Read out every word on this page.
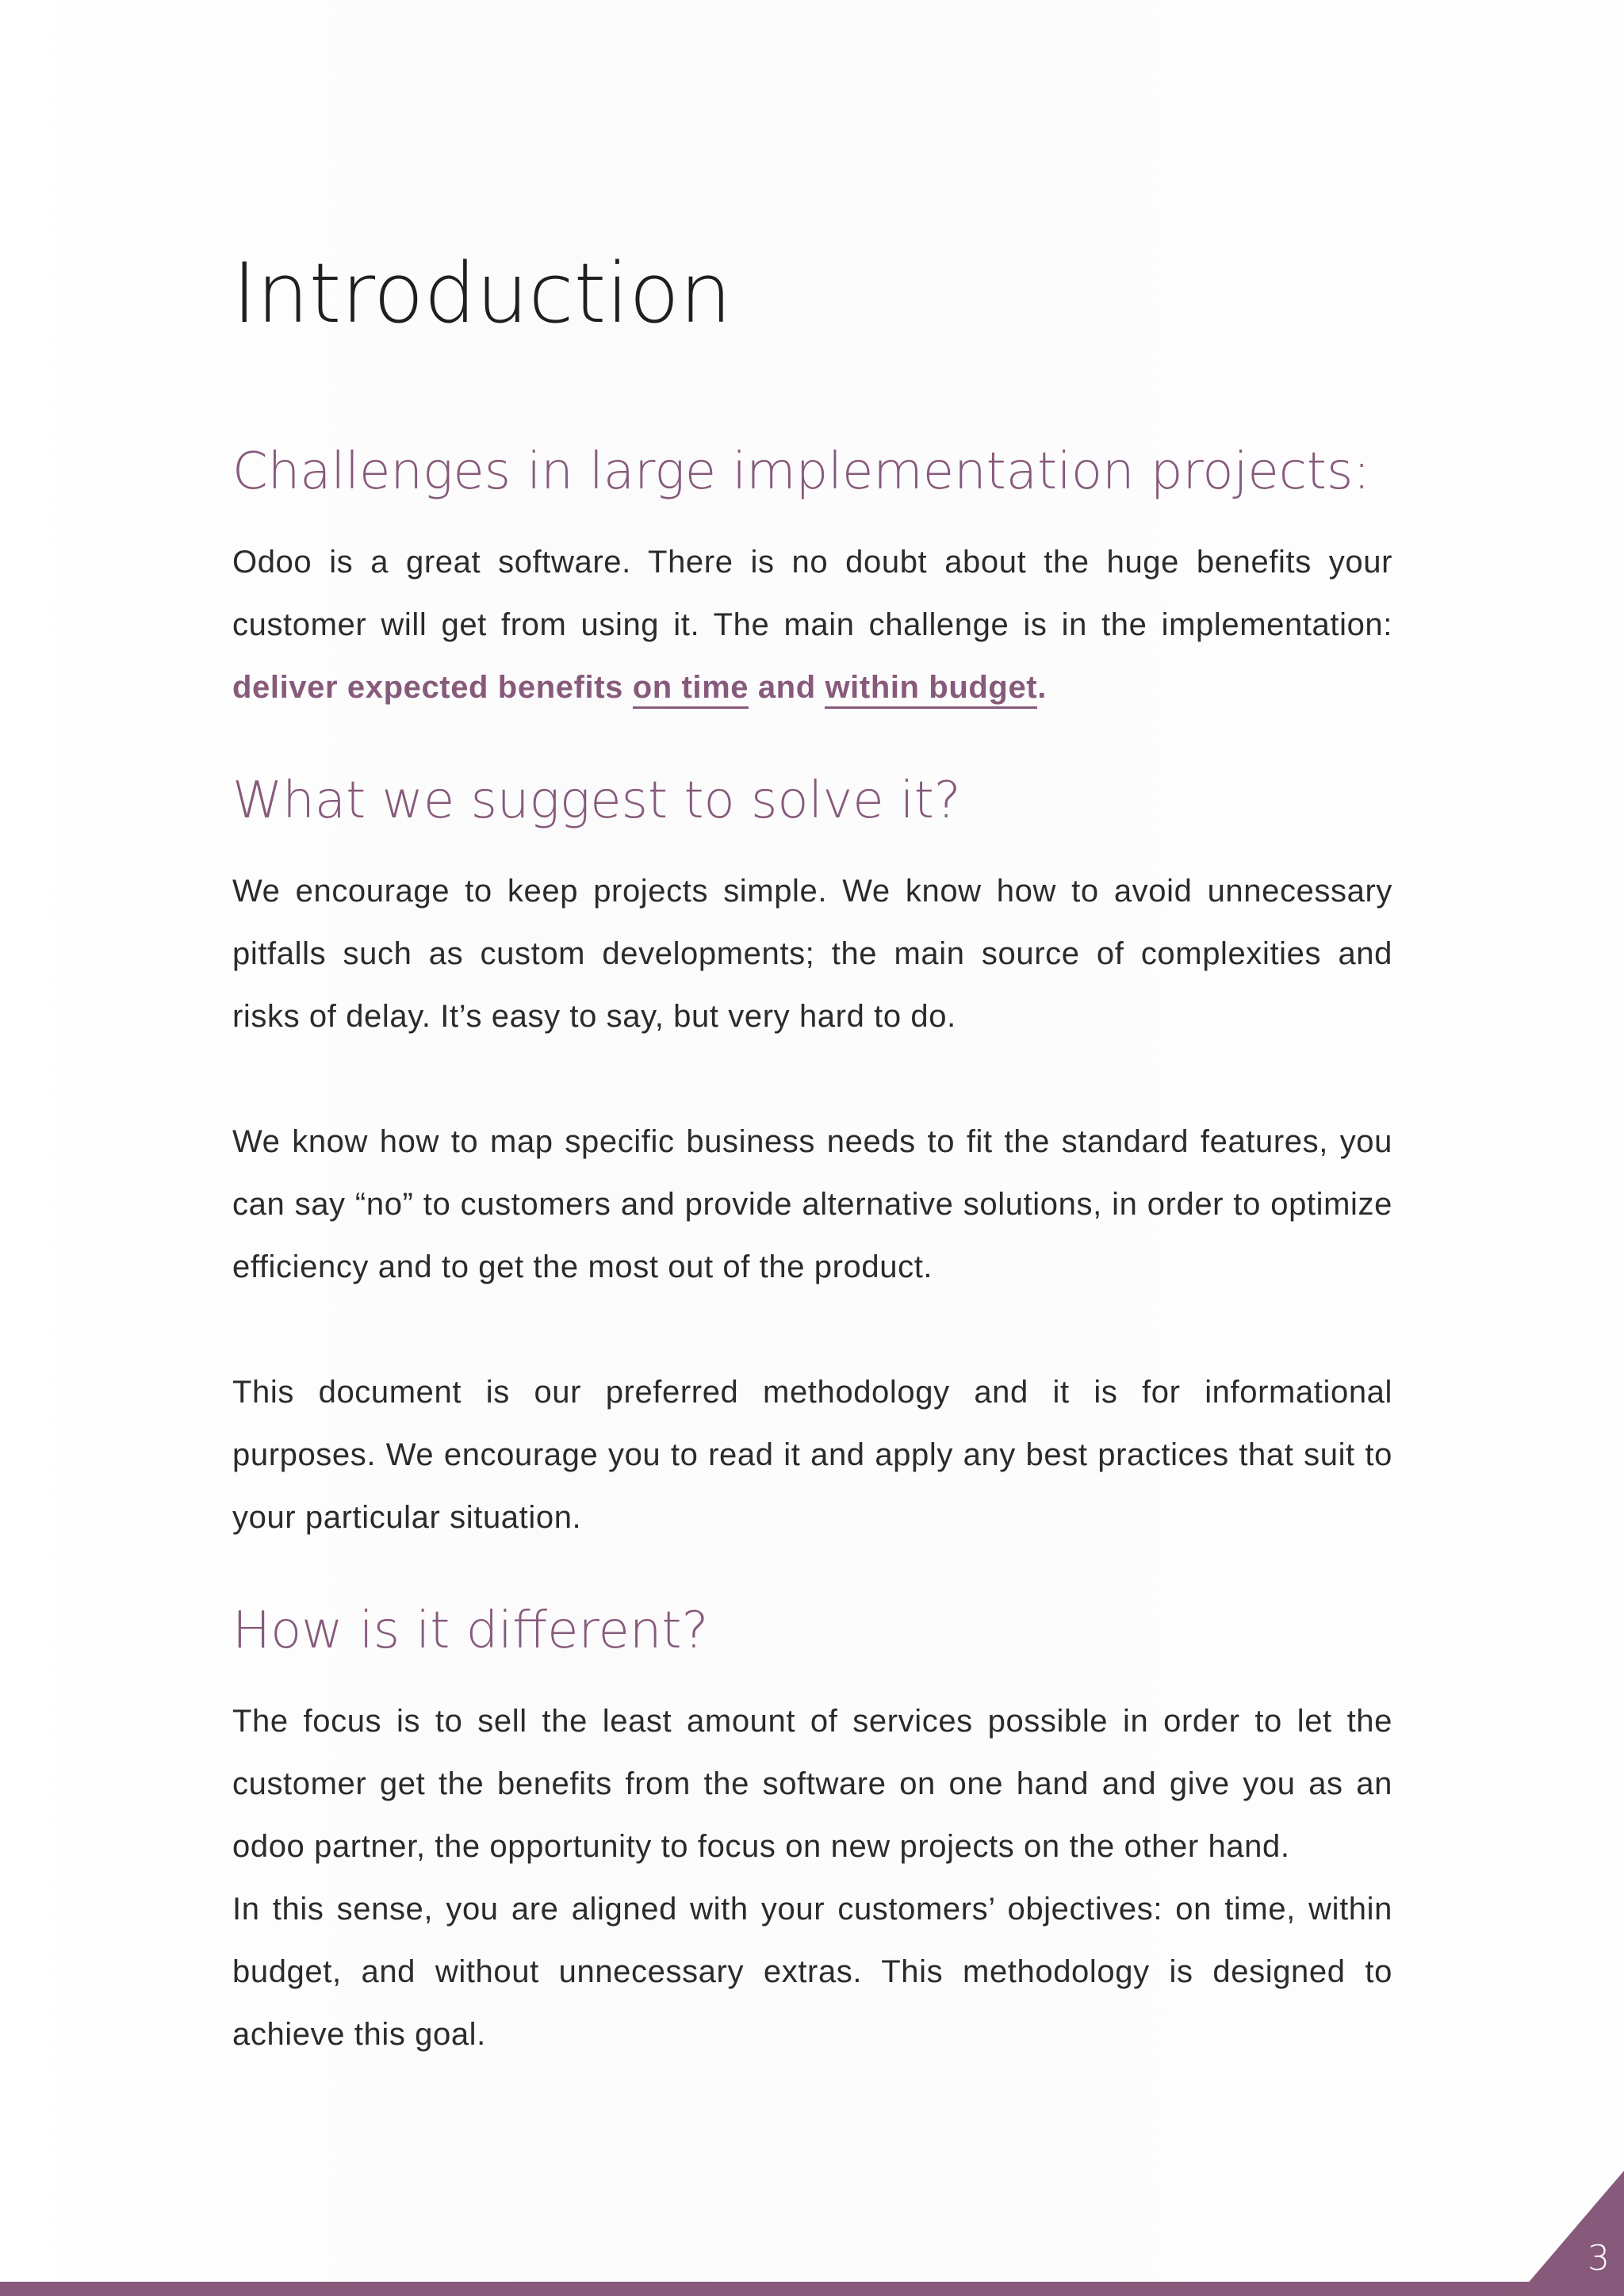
Introduction
Challenges in large implementation projects:

Odoo is a great software. There is no doubt about the huge benefits your customer will get from using it. The main challenge is in the implementation: deliver expected benefits on time and within budget.

What we suggest to solve it?

We encourage to keep projects simple. We know how to avoid unnecessary pitfalls such as custom developments; the main source of complexities and risks of delay. It’s easy to say, but very hard to do.

We know how to map specific business needs to fit the standard features, you can say “no” to customers and provide alternative solutions, in order to optimize efficiency and to get the most out of the product.

This document is our preferred methodology and it is for informational purposes. We encourage you to read it and apply any best practices that suit to your particular situation.

How is it different?

The focus is to sell the least amount of services possible in order to let the customer get the benefits from the software on one hand and give you as an odoo partner, the opportunity to focus on new projects on the other hand.

In this sense, you are aligned with your customers’ objectives: on time, within budget, and without unnecessary extras. This methodology is designed to achieve this goal.

3
